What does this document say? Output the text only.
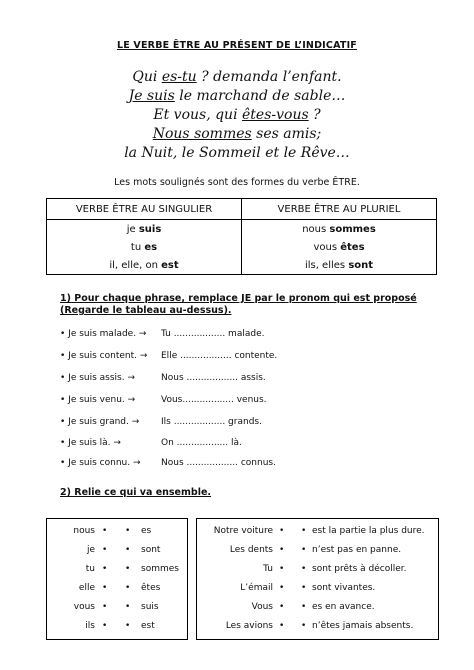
LE VERBE ÊTRE AU PRÉSENT DE L’INDICATIF
Qui es-tu ? demanda l’enfant.
Je suis le marchand de sable…
Et vous, qui êtes-vous ?
Nous sommes ses amis;
la Nuit, le Sommeil et le Rêve…
Les mots soulignés sont des formes du verbe ÊTRE.
VERBE ÊTRE AU SINGULIER	VERBE ÊTRE AU PLURIEL
je suis	nous sommes
tu es	vous êtes
il, elle, on est	ils, elles sont
1) Pour chaque phrase, remplace JE par le pronom qui est proposé
(Regarde le tableau au-dessus).
• Je suis malade. → Tu .................. malade.
• Je suis content. → Elle .................. contente.
• Je suis assis. →	Nous .................. assis.
• Je suis venu. →	Vous.................. venus.
• Je suis grand. → Ils .................. grands.
• Je suis là. →	On .................. là.
• Je suis connu. → Nous .................. connus.
2) Relie ce qui va ensemble.
nous • • es
je • • sont
tu • • sommes
elle • • êtes
vous • • suis
ils • • est
Notre voiture • • est la partie la plus dure.
Les dents • • n’est pas en panne.
Tu • • sont prêts à décoller.
L’émail • • sont vivantes.
Vous • • es en avance.
Les avions • • n’êtes jamais absents.
